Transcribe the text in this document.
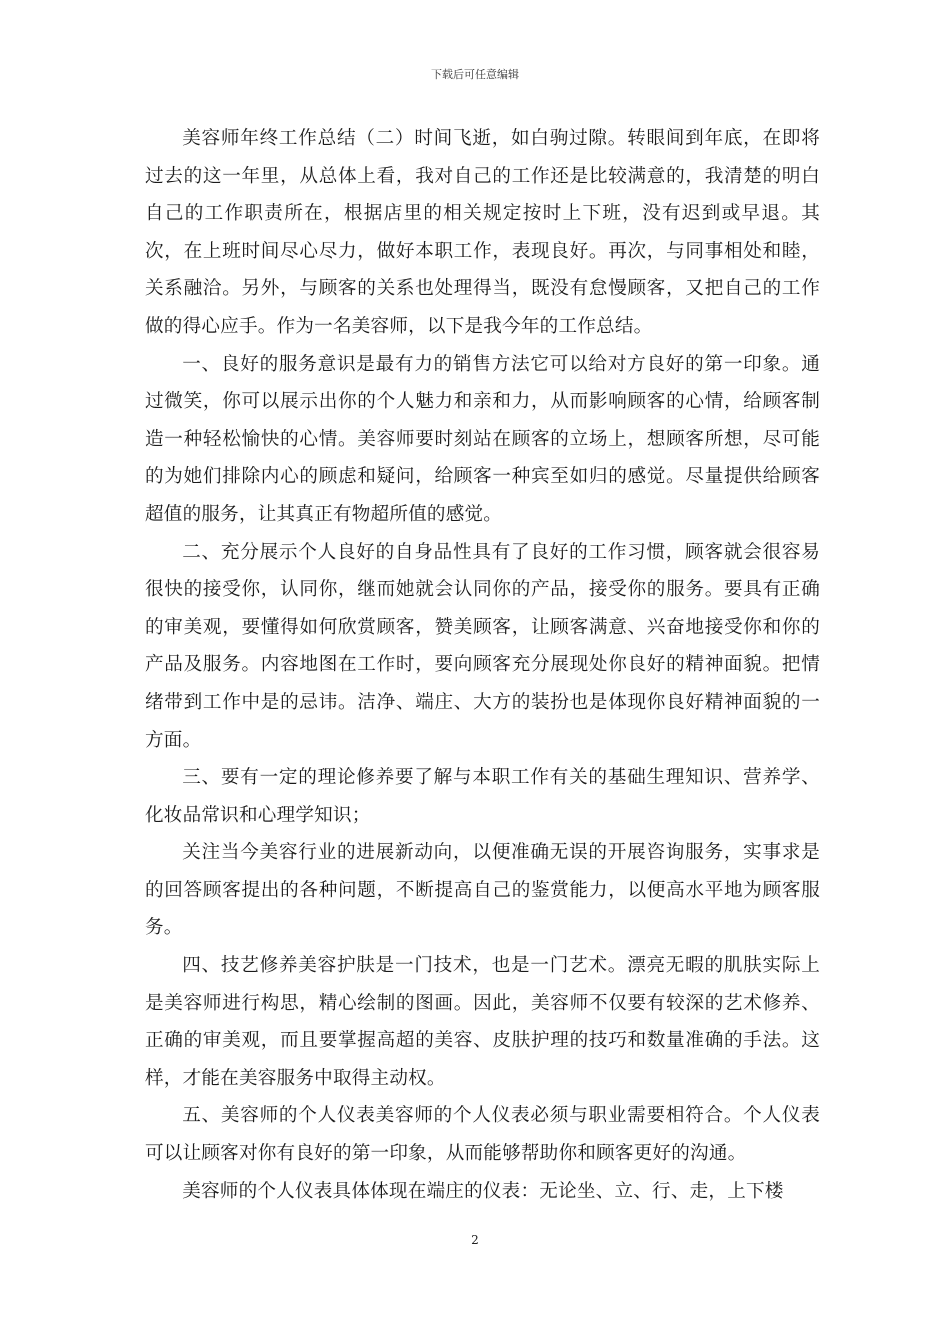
下载后可任意编辑

美容师年终工作总结（二）时间飞逝，如白驹过隙。转眼间到年底，在即将过去的这一年里，从总体上看，我对自己的工作还是比较满意的，我清楚的明白自己的工作职责所在，根据店里的相关规定按时上下班，没有迟到或早退。其次，在上班时间尽心尽力，做好本职工作，表现良好。再次，与同事相处和睦，关系融洽。另外，与顾客的关系也处理得当，既没有怠慢顾客，又把自己的工作做的得心应手。作为一名美容师，以下是我今年的工作总结。

一、良好的服务意识是最有力的销售方法它可以给对方良好的第一印象。通过微笑，你可以展示出你的个人魅力和亲和力，从而影响顾客的心情，给顾客制造一种轻松愉快的心情。美容师要时刻站在顾客的立场上，想顾客所想，尽可能的为她们排除内心的顾虑和疑问，给顾客一种宾至如归的感觉。尽量提供给顾客超值的服务，让其真正有物超所值的感觉。

二、充分展示个人良好的自身品性具有了良好的工作习惯，顾客就会很容易很快的接受你，认同你，继而她就会认同你的产品，接受你的服务。要具有正确的审美观，要懂得如何欣赏顾客，赞美顾客，让顾客满意、兴奋地接受你和你的产品及服务。内容地图在工作时，要向顾客充分展现处你良好的精神面貌。把情绪带到工作中是的忌讳。洁净、端庄、大方的装扮也是体现你良好精神面貌的一方面。

三、要有一定的理论修养要了解与本职工作有关的基础生理知识、营养学、化妆品常识和心理学知识；

关注当今美容行业的进展新动向，以便准确无误的开展咨询服务，实事求是的回答顾客提出的各种问题，不断提高自己的鉴赏能力，以便高水平地为顾客服务。

四、技艺修养美容护肤是一门技术，也是一门艺术。漂亮无暇的肌肤实际上是美容师进行构思，精心绘制的图画。因此，美容师不仅要有较深的艺术修养、正确的审美观，而且要掌握高超的美容、皮肤护理的技巧和数量准确的手法。这样，才能在美容服务中取得主动权。

五、美容师的个人仪表美容师的个人仪表必须与职业需要相符合。个人仪表可以让顾客对你有良好的第一印象，从而能够帮助你和顾客更好的沟通。

美容师的个人仪表具体体现在端庄的仪表：无论坐、立、行、走，上下楼

2
